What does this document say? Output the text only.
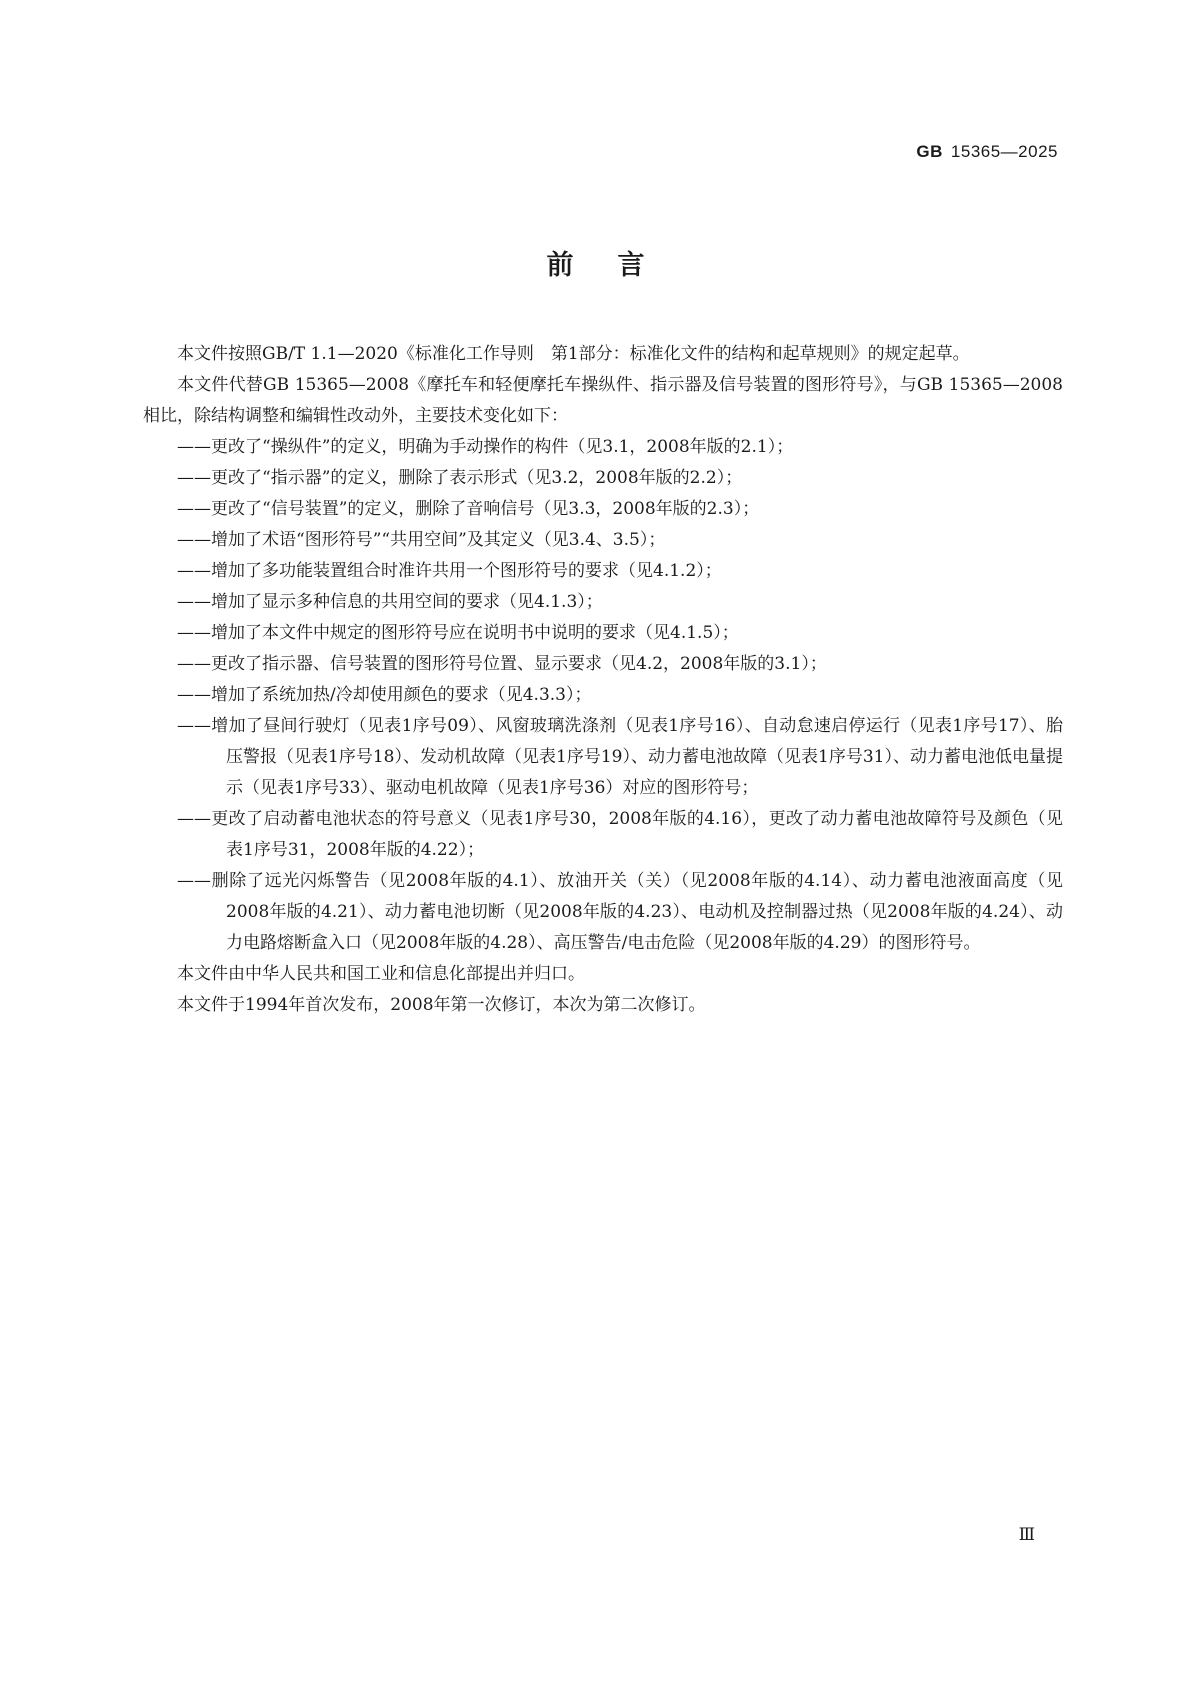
GB 15365—2025
前言

本文件按照GB/T 1.1—2020《标准化工作导则　第1部分：标准化文件的结构和起草规则》的规定起草。

本文件代替GB 15365—2008《摩托车和轻便摩托车操纵件、指示器及信号装置的图形符号》，与GB 15365—2008相比，除结构调整和编辑性改动外，主要技术变化如下：

——更改了“操纵件”的定义，明确为手动操作的构件（见3.1，2008年版的2.1）；

——更改了“指示器”的定义，删除了表示形式（见3.2，2008年版的2.2）；

——更改了“信号装置”的定义，删除了音响信号（见3.3，2008年版的2.3）；

——增加了术语“图形符号”“共用空间”及其定义（见3.4、3.5）；

——增加了多功能装置组合时准许共用一个图形符号的要求（见4.1.2）；

——增加了显示多种信息的共用空间的要求（见4.1.3）；

——增加了本文件中规定的图形符号应在说明书中说明的要求（见4.1.5）；

——更改了指示器、信号装置的图形符号位置、显示要求（见4.2，2008年版的3.1）；

——增加了系统加热/冷却使用颜色的要求（见4.3.3）；

——增加了昼间行驶灯（见表1序号09）、风窗玻璃洗涤剂（见表1序号16）、自动怠速启停运行（见表1序号17）、胎压警报（见表1序号18）、发动机故障（见表1序号19）、动力蓄电池故障（见表1序号31）、动力蓄电池低电量提示（见表1序号33）、驱动电机故障（见表1序号36）对应的图形符号；

——更改了启动蓄电池状态的符号意义（见表1序号30，2008年版的4.16），更改了动力蓄电池故障符号及颜色（见表1序号31，2008年版的4.22）；

——删除了远光闪烁警告（见2008年版的4.1）、放油开关（关）（见2008年版的4.14）、动力蓄电池液面高度（见2008年版的4.21）、动力蓄电池切断（见2008年版的4.23）、电动机及控制器过热（见2008年版的4.24）、动力电路熔断盒入口（见2008年版的4.28）、高压警告/电击危险（见2008年版的4.29）的图形符号。

本文件由中华人民共和国工业和信息化部提出并归口。

本文件于1994年首次发布，2008年第一次修订，本次为第二次修订。

Ⅲ
